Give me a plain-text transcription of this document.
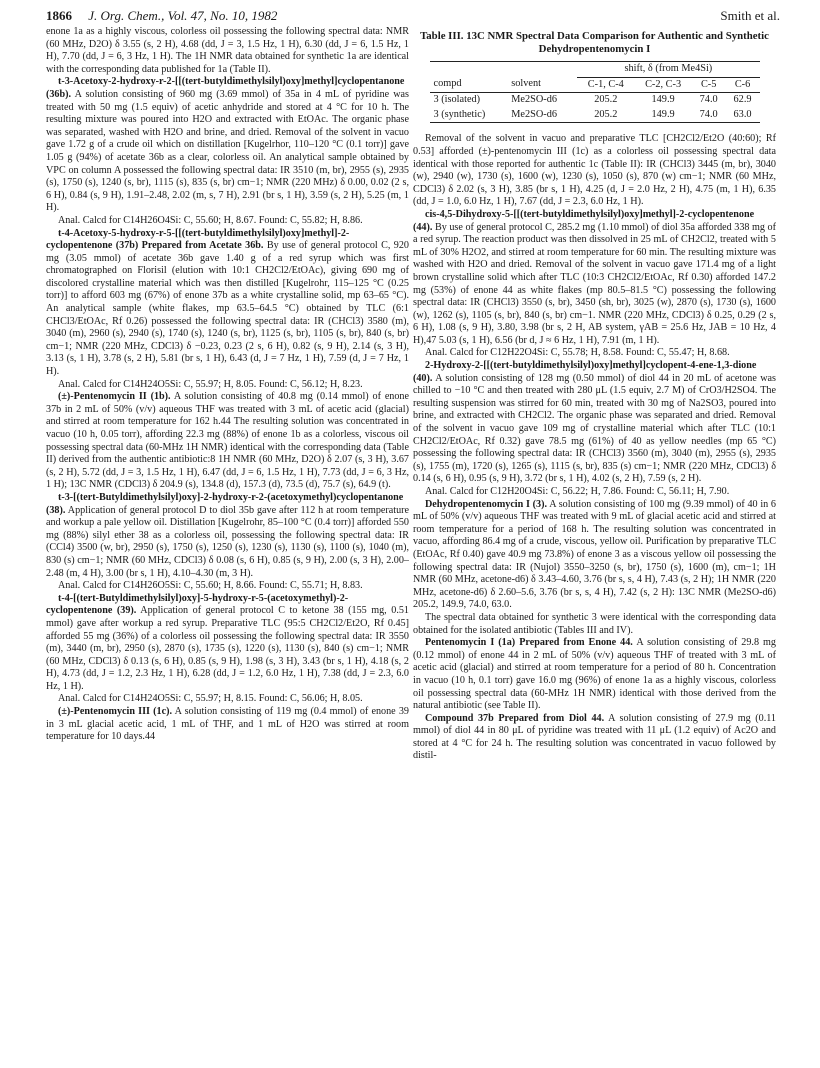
1866 J. Org. Chem., Vol. 47, No. 10, 1982	Smith et al.

enone 1a as a highly viscous, colorless oil possessing the following spectral data: NMR (60 MHz, D2O) δ 3.55 (s, 2 H), 4.68 (dd, J = 3, 1.5 Hz, 1 H), 6.30 (dd, J = 6, 1.5 Hz, 1 H), 7.70 (dd, J = 6, 3 Hz, 1 H). The 1H NMR data obtained for synthetic 1a are identical with the corresponding data published for 1a (Table II).

t-3-Acetoxy-2-hydroxy-r-2-[[(tert-butyldimethylsilyl)oxy]methyl]cyclopentanone (36b). A solution consisting of 960 mg (3.69 mmol) of 35a in 4 mL of pyridine was treated with 50 mg (1.5 equiv) of acetic anhydride and stored at 4 °C for 10 h. The resulting mixture was poured into H2O and extracted with EtOAc. The organic phase was separated, washed with H2O and brine, and dried. Removal of the solvent in vacuo gave 1.72 g of a crude oil which on distillation [Kugelrhor, 110–120 °C (0.1 torr)] gave 1.05 g (94%) of acetate 36b as a clear, colorless oil. An analytical sample obtained by VPC on column A possessed the following spectral data: IR 3510 (m, br), 2955 (s), 2935 (s), 1750 (s), 1240 (s, br), 1115 (s), 835 (s, br) cm−1; NMR (220 MHz) δ 0.00, 0.02 (2 s, 6 H), 0.84 (s, 9 H), 1.91–2.48, 2.02 (m, s, 7 H), 2.91 (br s, 1 H), 3.59 (s, 2 H), 5.25 (m, 1 H).

Anal. Calcd for C14H26O4Si: C, 55.60; H, 8.67. Found: C, 55.82; H, 8.86.

t-4-Acetoxy-5-hydroxy-r-5-[[(tert-butyldimethylsilyl)oxy]methyl]-2-cyclopentenone (37b) Prepared from Acetate 36b. By use of general protocol C, 920 mg (3.05 mmol) of acetate 36b gave 1.40 g of a red syrup which was first chromatographed on Florisil (elution with 10:1 CH2Cl2/EtOAc), giving 690 mg of discolored crystalline material which was then distilled [Kugelrohr, 115–125 °C (0.25 torr)] to afford 603 mg (67%) of enone 37b as a white crystalline solid, mp 63–65 °C). An analytical sample (white flakes, mp 63.5–64.5 °C) obtained by TLC (6:1 CHCl3/EtOAc, Rf 0.26) possessed the following spectral data: IR (CHCl3) 3580 (m), 3040 (m), 2960 (s), 2940 (s), 1740 (s), 1240 (s, br), 1125 (s, br), 1105 (s, br), 840 (s, br) cm−1; NMR (220 MHz, CDCl3) δ −0.23, 0.23 (2 s, 6 H), 0.82 (s, 9 H), 2.14 (s, 3 H), 3.13 (s, 1 H), 3.78 (s, 2 H), 5.81 (br s, 1 H), 6.43 (d, J = 7 Hz, 1 H), 7.59 (d, J = 7 Hz, 1 H).

Anal. Calcd for C14H24O5Si: C, 55.97; H, 8.05. Found: C, 56.12; H, 8.23.

(±)-Pentenomycin II (1b). A solution consisting of 40.8 mg (0.14 mmol) of enone 37b in 2 mL of 50% (v/v) aqueous THF was treated with 3 mL of acetic acid (glacial) and stirred at room temperature for 162 h.44 The resulting solution was concentrated in vacuo (10 h, 0.05 torr), affording 22.3 mg (88%) of enone 1b as a colorless, viscous oil possessing spectral data (60-MHz 1H NMR) identical with the corresponding data (Table II) derived from the authentic antibiotic:8 1H NMR (60 MHz, D2O) δ 2.07 (s, 3 H), 3.67 (s, 2 H), 5.72 (dd, J = 3, 1.5 Hz, 1 H), 6.47 (dd, J = 6, 1.5 Hz, 1 H), 7.73 (dd, J = 6, 3 Hz, 1 H); 13C NMR (CDCl3) δ 204.9 (s), 134.8 (d), 157.3 (d), 73.5 (d), 75.7 (s), 64.9 (t).

t-3-[(tert-Butyldimethylsilyl)oxy]-2-hydroxy-r-2-(acetoxymethyl)cyclopentanone (38). Application of general protocol D to diol 35b gave after 112 h at room temperature and workup a pale yellow oil. Distillation [Kugelrohr, 85–100 °C (0.4 torr)] afforded 550 mg (88%) silyl ether 38 as a colorless oil, possessing the following spectral data: IR (CCl4) 3500 (w, br), 2950 (s), 1750 (s), 1250 (s), 1230 (s), 1130 (s), 1100 (s), 1040 (m), 830 (s) cm−1; NMR (60 MHz, CDCl3) δ 0.08 (s, 6 H), 0.85 (s, 9 H), 2.00 (s, 3 H), 2.00–2.48 (m, 4 H), 3.00 (br s, 1 H), 4.10–4.30 (m, 3 H).

Anal. Calcd for C14H26O5Si: C, 55.60; H, 8.66. Found: C, 55.71; H, 8.83.

t-4-[(tert-Butyldimethylsilyl)oxy]-5-hydroxy-r-5-(acetoxymethyl)-2-cyclopentenone (39). Application of general protocol C to ketone 38 (155 mg, 0.51 mmol) gave after workup a red syrup. Preparative TLC (95:5 CH2Cl2/Et2O, Rf 0.45] afforded 55 mg (36%) of a colorless oil possessing the following spectral data: IR 3550 (m), 3440 (m, br), 2950 (s), 2870 (s), 1735 (s), 1220 (s), 1130 (s), 840 (s) cm−1; NMR (60 MHz, CDCl3) δ 0.13 (s, 6 H), 0.85 (s, 9 H), 1.98 (s, 3 H), 3.43 (br s, 1 H), 4.18 (s, 2 H), 4.73 (dd, J = 1.2, 2.3 Hz, 1 H), 6.28 (dd, J = 1.2, 6.0 Hz, 1 H), 7.38 (dd, J = 2.3, 6.0 Hz, 1 H).

Anal. Calcd for C14H24O5Si: C, 55.97; H, 8.15. Found: C, 56.06; H, 8.05.

(±)-Pentenomycin III (1c). A solution consisting of 119 mg (0.4 mmol) of enone 39 in 3 mL glacial acetic acid, 1 mL of THF, and 1 mL of H2O was stirred at room temperature for 10 days.44

Table III. 13C NMR Spectral Data Comparison for Authentic and Synthetic Dehydropentenomycin I
		shift, δ (from Me4Si)			
compd	solvent	C-1, C-4	C-2, C-3	C-5	C-6
3 (isolated)	Me2SO-d6	205.2	149.9	74.0	62.9
3 (synthetic)	Me2SO-d6	205.2	149.9	74.0	63.0

Removal of the solvent in vacuo and preparative TLC [CH2Cl2/Et2O (40:60); Rf 0.53] afforded (±)-pentenomycin III (1c) as a colorless oil possessing spectral data identical with those reported for authentic 1c (Table II): IR (CHCl3) 3445 (m, br), 3040 (w), 2940 (w), 1730 (s), 1600 (w), 1230 (s), 1050 (s), 870 (w) cm−1; NMR (60 MHz, CDCl3) δ 2.02 (s, 3 H), 3.85 (br s, 1 H), 4.25 (d, J = 2.0 Hz, 2 H), 4.75 (m, 1 H), 6.35 (dd, J = 1.0, 6.0 Hz, 1 H), 7.67 (dd, J = 2.3, 6.0 Hz, 1 H).

cis-4,5-Dihydroxy-5-[[(tert-butyldimethylsilyl)oxy]methyl]-2-cyclopentenone (44). By use of general protocol C, 285.2 mg (1.10 mmol) of diol 35a afforded 338 mg of a red syrup. The reaction product was then dissolved in 25 mL of CH2Cl2, treated with 5 mL of 30% H2O2, and stirred at room temperature for 60 min. The resulting mixture was washed with H2O and dried. Removal of the solvent in vacuo gave 171.4 mg of a light brown crystalline solid which after TLC (10:3 CH2Cl2/EtOAc, Rf 0.30) afforded 147.2 mg (53%) of enone 44 as white flakes (mp 80.5–81.5 °C) possessing the following spectral data: IR (CHCl3) 3550 (s, br), 3450 (sh, br), 3025 (w), 2870 (s), 1730 (s), 1600 (w), 1262 (s), 1105 (s, br), 840 (s, br) cm−1. NMR (220 MHz, CDCl3) δ 0.25, 0.29 (2 s, 6 H), 1.08 (s, 9 H), 3.80, 3.98 (br s, 2 H, AB system, γAB = 25.6 Hz, JAB = 10 Hz, 4 H),47 5.03 (s, 1 H), 6.56 (br d, J ≈ 6 Hz, 1 H), 7.91 (m, 1 H).

Anal. Calcd for C12H22O4Si: C, 55.78; H, 8.58. Found: C, 55.47; H, 8.68.

2-Hydroxy-2-[[(tert-butyldimethylsilyl)oxy]methyl]cyclopent-4-ene-1,3-dione (40). A solution consisting of 128 mg (0.50 mmol) of diol 44 in 20 mL of acetone was chilled to −10 °C and then treated with 280 μL (1.5 equiv, 2.7 M) of CrO3/H2SO4. The resulting suspension was stirred for 60 min, treated with 30 mg of Na2SO3, poured into brine, and extracted with CH2Cl2. The organic phase was separated and dried. Removal of the solvent in vacuo gave 109 mg of crystalline material which after TLC (10:1 CH2Cl2/EtOAc, Rf 0.32) gave 78.5 mg (61%) of 40 as yellow needles (mp 65 °C) possessing the following spectral data: IR (CHCl3) 3560 (m), 3040 (m), 2955 (s), 2935 (s), 1755 (m), 1720 (s), 1265 (s), 1115 (s, br), 835 (s) cm−1; NMR (220 MHz, CDCl3) δ 0.14 (s, 6 H), 0.95 (s, 9 H), 3.72 (br s, 1 H), 4.02 (s, 2 H), 7.59 (s, 2 H).

Anal. Calcd for C12H20O4Si: C, 56.22; H, 7.86. Found: C, 56.11; H, 7.90.

Dehydropentenomycin I (3). A solution consisting of 100 mg (9.39 mmol) of 40 in 6 mL of 50% (v/v) aqueous THF was treated with 9 mL of glacial acetic acid and stirred at room temperature for a period of 168 h. The resulting solution was concentrated in vacuo, affording 86.4 mg of a crude, viscous, yellow oil. Purification by preparative TLC (EtOAc, Rf 0.40) gave 40.9 mg 73.8%) of enone 3 as a viscous yellow oil possessing the following spectral data: IR (Nujol) 3550–3250 (s, br), 1750 (s), 1600 (m), cm−1; 1H NMR (60 MHz, acetone-d6) δ 3.43–4.60, 3.76 (br s, s, 4 H), 7.43 (s, 2 H); 1H NMR (220 MHz, acetone-d6) δ 2.60–5.6, 3.76 (br s, s, 4 H), 7.42 (s, 2 H): 13C NMR (Me2SO-d6) 205.2, 149.9, 74.0, 63.0.

The spectral data obtained for synthetic 3 were identical with the corresponding data obtained for the isolated antibiotic (Tables III and IV).

Pentenomycin I (1a) Prepared from Enone 44. A solution consisting of 29.8 mg (0.12 mmol) of enone 44 in 2 mL of 50% (v/v) aqueous THF of treated with 3 mL of acetic acid (glacial) and stirred at room temperature for a period of 80 h. Concentration in vacuo (10 h, 0.1 torr) gave 16.0 mg (96%) of enone 1a as a highly viscous, colorless oil possessing spectral data (60-MHz 1H NMR) identical with those derived from the natural antibiotic (see Table II).

Compound 37b Prepared from Diol 44. A solution consisting of 27.9 mg (0.11 mmol) of diol 44 in 80 μL of pyridine was treated with 11 μL (1.2 equiv) of Ac2O and stored at 4 °C for 24 h. The resulting solution was concentrated in vacuo followed by distil-
